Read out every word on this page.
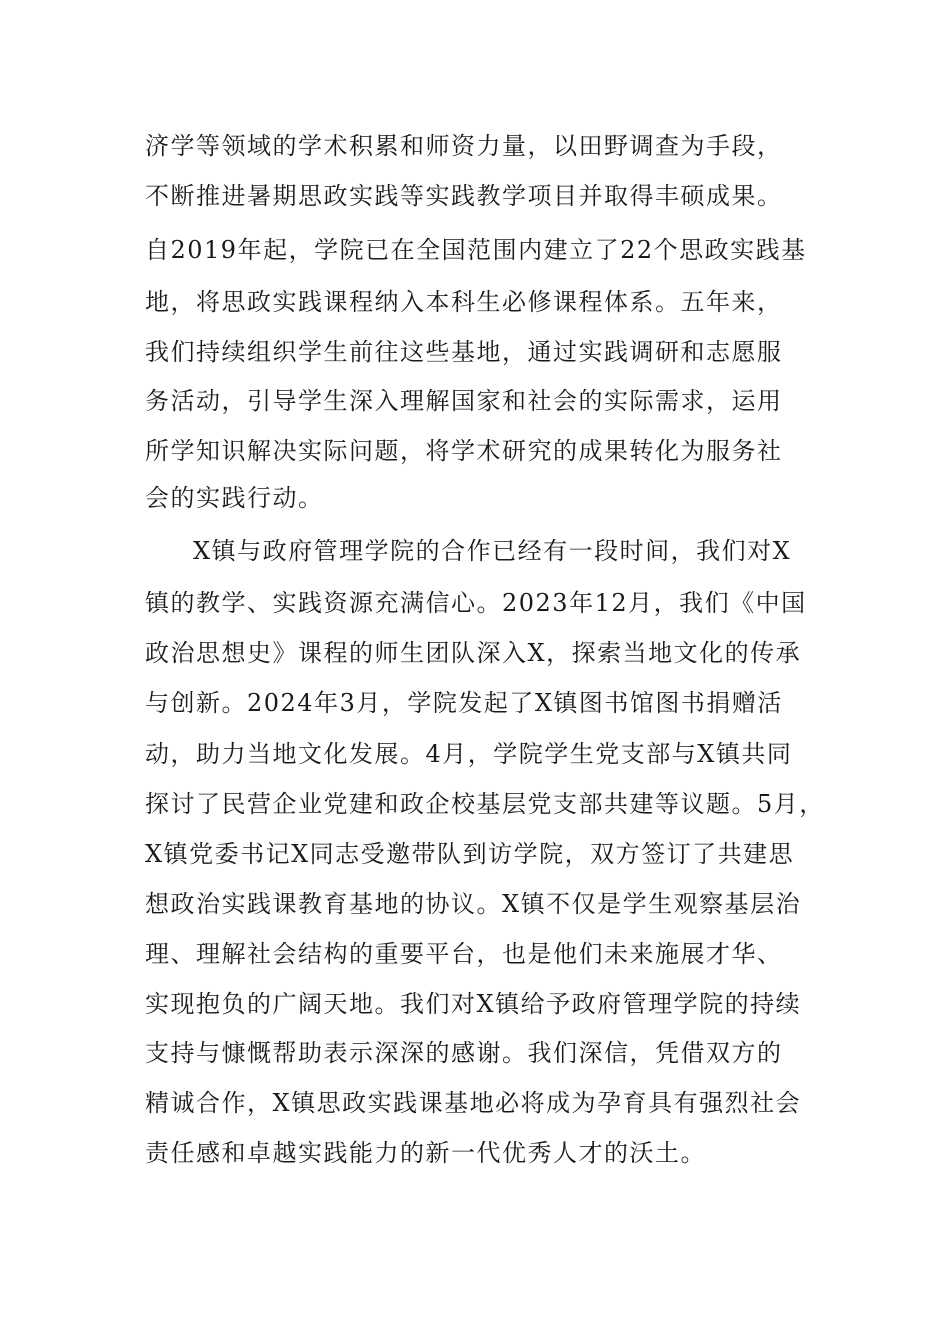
济学等领域的学术积累和师资力量，以田野调查为手段，
不断推进暑期思政实践等实践教学项目并取得丰硕成果。
自2019年起，学院已在全国范围内建立了22个思政实践基
地，将思政实践课程纳入本科生必修课程体系。五年来，
我们持续组织学生前往这些基地，通过实践调研和志愿服
务活动，引导学生深入理解国家和社会的实际需求，运用
所学知识解决实际问题，将学术研究的成果转化为服务社
会的实践行动。
X镇与政府管理学院的合作已经有一段时间，我们对X
镇的教学、实践资源充满信心。2023年12月，我们《中国
政治思想史》课程的师生团队深入X，探索当地文化的传承
与创新。2024年3月，学院发起了X镇图书馆图书捐赠活
动，助力当地文化发展。4月，学院学生党支部与X镇共同
探讨了民营企业党建和政企校基层党支部共建等议题。5月，
X镇党委书记X同志受邀带队到访学院，双方签订了共建思
想政治实践课教育基地的协议。X镇不仅是学生观察基层治
理、理解社会结构的重要平台，也是他们未来施展才华、
实现抱负的广阔天地。我们对X镇给予政府管理学院的持续
支持与慷慨帮助表示深深的感谢。我们深信，凭借双方的
精诚合作，X镇思政实践课基地必将成为孕育具有强烈社会
责任感和卓越实践能力的新一代优秀人才的沃土。
